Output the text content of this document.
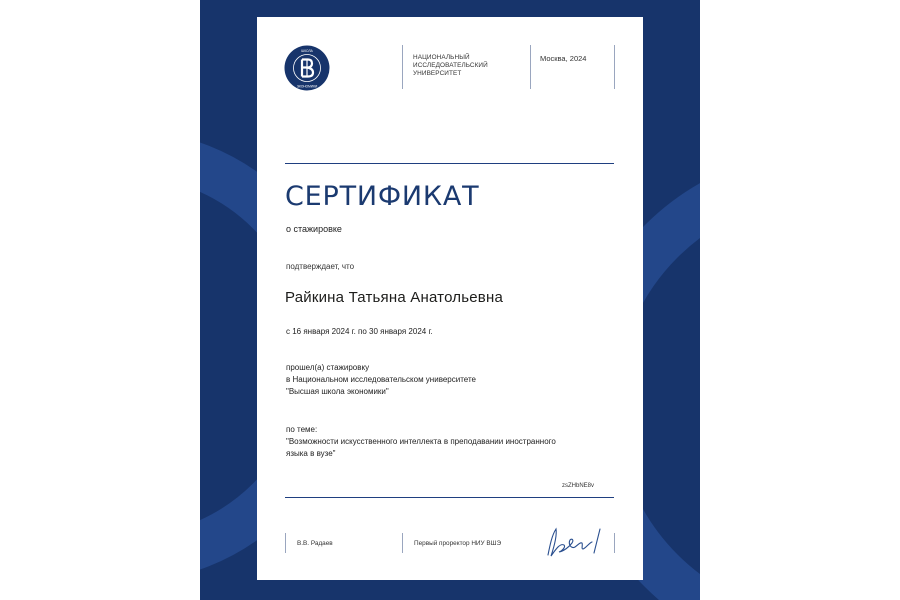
ШКОЛА
ЭКОНОМИКИ
НАЦИОНАЛЬНЫЙ
ИССЛЕДОВАТЕЛЬСКИЙ
УНИВЕРСИТЕТ
Москва, 2024
СЕРТИФИКАТ
о стажировке
подтверждает, что
Райкина Татьяна Анатольевна
с 16 января 2024 г. по 30 января 2024 г.
прошел(а) стажировку
в Национальном исследовательском университете
"Высшая школа экономики"
по теме:
"Возможности искусственного интеллекта в преподавании иностранного
языка в вузе"
zsZHbNE8v
В.В. Радаев	Первый проректор НИУ ВШЭ
